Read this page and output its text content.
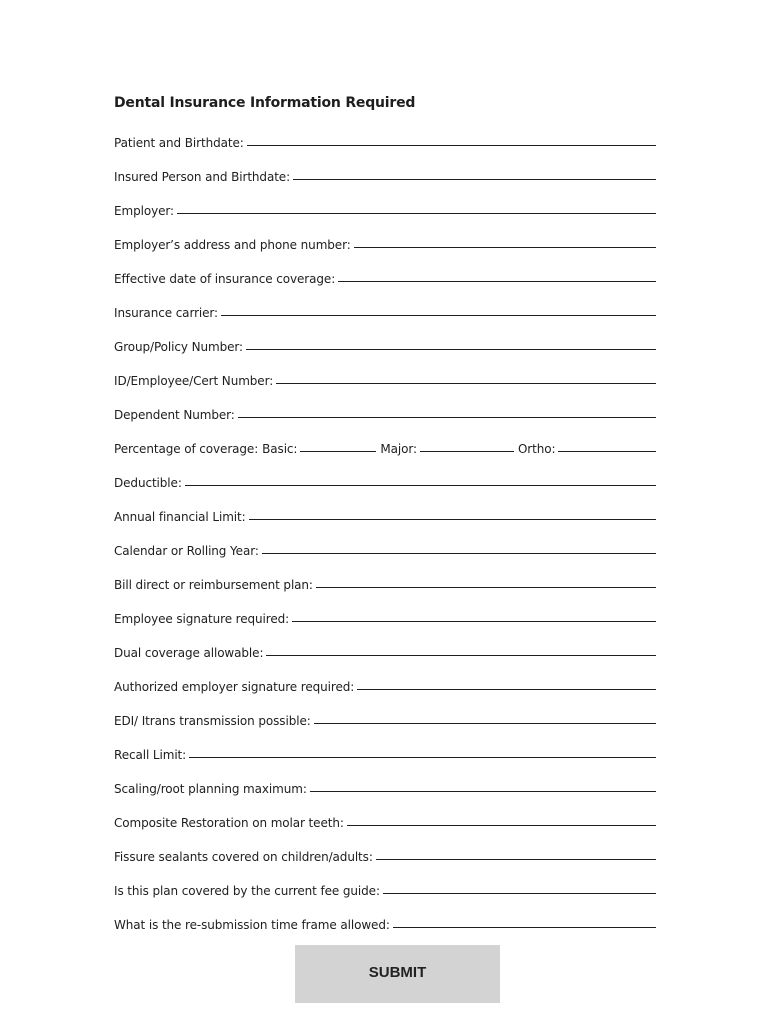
Dental Insurance Information Required
Patient and Birthdate:
Insured Person and Birthdate:
Employer:
Employer’s address and phone number:
Effective date of insurance coverage:
Insurance carrier:
Group/Policy Number:
ID/Employee/Cert Number:
Dependent Number:
Percentage of coverage: Basic:	Major:	Ortho:
Deductible:
Annual financial Limit:
Calendar or Rolling Year:
Bill direct or reimbursement plan:
Employee signature required:
Dual coverage allowable:
Authorized employer signature required:
EDI/ Itrans transmission possible:
Recall Limit:
Scaling/root planning maximum:
Composite Restoration on molar teeth:
Fissure sealants covered on children/adults:
Is this plan covered by the current fee guide:
What is the re-submission time frame allowed:
SUBMIT
